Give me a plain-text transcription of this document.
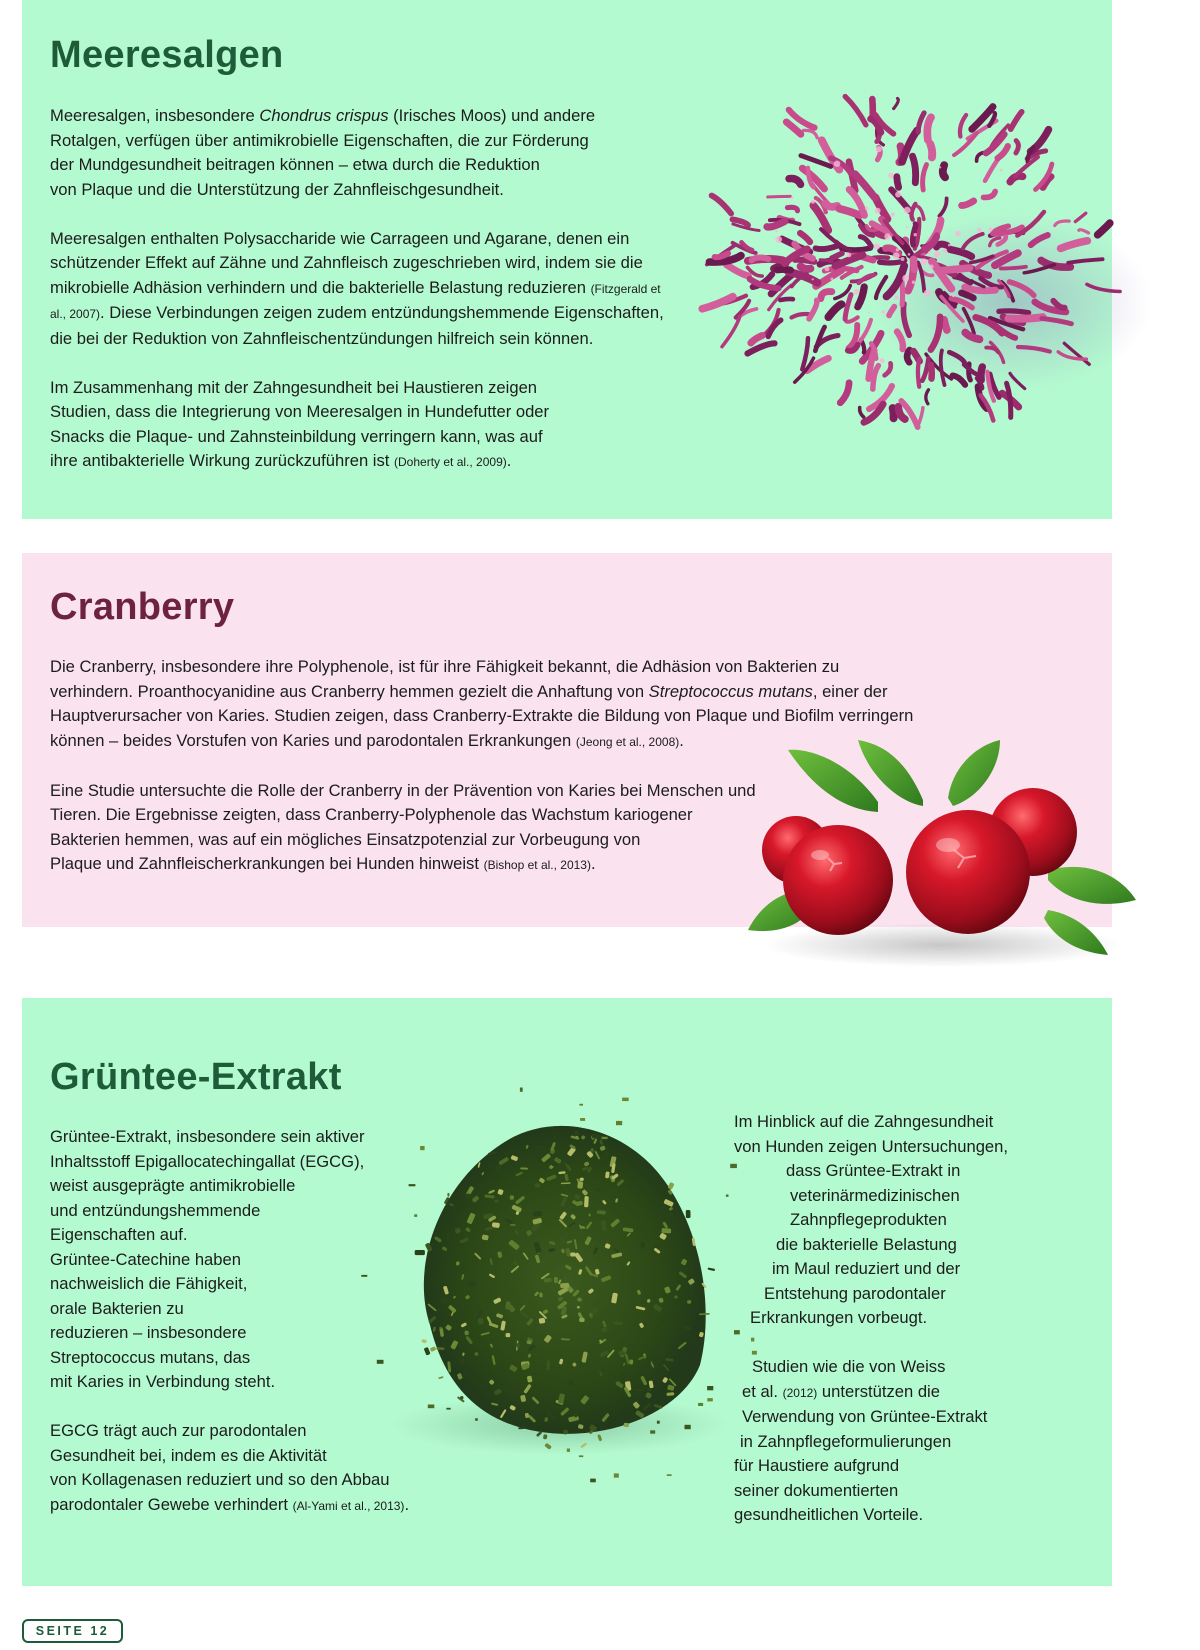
Meeresalgen

Meeresalgen, insbesondere Chondrus crispus (Irisches Moos) und andere
Rotalgen, verfügen über antimikrobielle Eigenschaften, die zur Förderung
der Mundgesundheit beitragen können – etwa durch die Reduktion
von Plaque und die Unterstützung der Zahnfleischgesundheit.

Meeresalgen enthalten Polysaccharide wie Carrageen und Agarane, denen ein
schützender Effekt auf Zähne und Zahnfleisch zugeschrieben wird, indem sie die
mikrobielle Adhäsion verhindern und die bakterielle Belastung reduzieren (Fitzgerald et
al., 2007). Diese Verbindungen zeigen zudem entzündungshemmende Eigenschaften,
die bei der Reduktion von Zahnfleischentzündungen hilfreich sein können.

Im Zusammenhang mit der Zahngesundheit bei Haustieren zeigen
Studien, dass die Integrierung von Meeresalgen in Hundefutter oder
Snacks die Plaque- und Zahnsteinbildung verringern kann, was auf
ihre antibakterielle Wirkung zurückzuführen ist (Doherty et al., 2009).

Cranberry

Die Cranberry, insbesondere ihre Polyphenole, ist für ihre Fähigkeit bekannt, die Adhäsion von Bakterien zu
verhindern. Proanthocyanidine aus Cranberry hemmen gezielt die Anhaftung von Streptococcus mutans, einer der
Hauptverursacher von Karies. Studien zeigen, dass Cranberry-Extrakte die Bildung von Plaque und Biofilm verringern
können – beides Vorstufen von Karies und parodontalen Erkrankungen (Jeong et al., 2008).

Eine Studie untersuchte die Rolle der Cranberry in der Prävention von Karies bei Menschen und
Tieren. Die Ergebnisse zeigten, dass Cranberry-Polyphenole das Wachstum kariogener
Bakterien hemmen, was auf ein mögliches Einsatzpotenzial zur Vorbeugung von
Plaque und Zahnfleischerkrankungen bei Hunden hinweist (Bishop et al., 2013).

Grüntee-Extrakt

Grüntee-Extrakt, insbesondere sein aktiver
Inhaltsstoff Epigallocatechingallat (EGCG),
weist ausgeprägte antimikrobielle
und entzündungshemmende
Eigenschaften auf.
Grüntee-Catechine haben
nachweislich die Fähigkeit,
orale Bakterien zu
reduzieren – insbesondere
Streptococcus mutans, das
mit Karies in Verbindung steht.

EGCG trägt auch zur parodontalen
Gesundheit bei, indem es die Aktivität
von Kollagenasen reduziert und so den Abbau
parodontaler Gewebe verhindert (Al-Yami et al., 2013).

Im Hinblick auf die Zahngesundheit
von Hunden zeigen Untersuchungen,
dass Grüntee-Extrakt in
veterinärmedizinischen
Zahnpflegeprodukten
die bakterielle Belastung
im Maul reduziert und der
Entstehung parodontaler
Erkrankungen vorbeugt.

Studien wie die von Weiss
et al. (2012) unterstützen die
Verwendung von Grüntee-Extrakt
in Zahnpflegeformulierungen
für Haustiere aufgrund
seiner dokumentierten
gesundheitlichen Vorteile.

SEITE 12
